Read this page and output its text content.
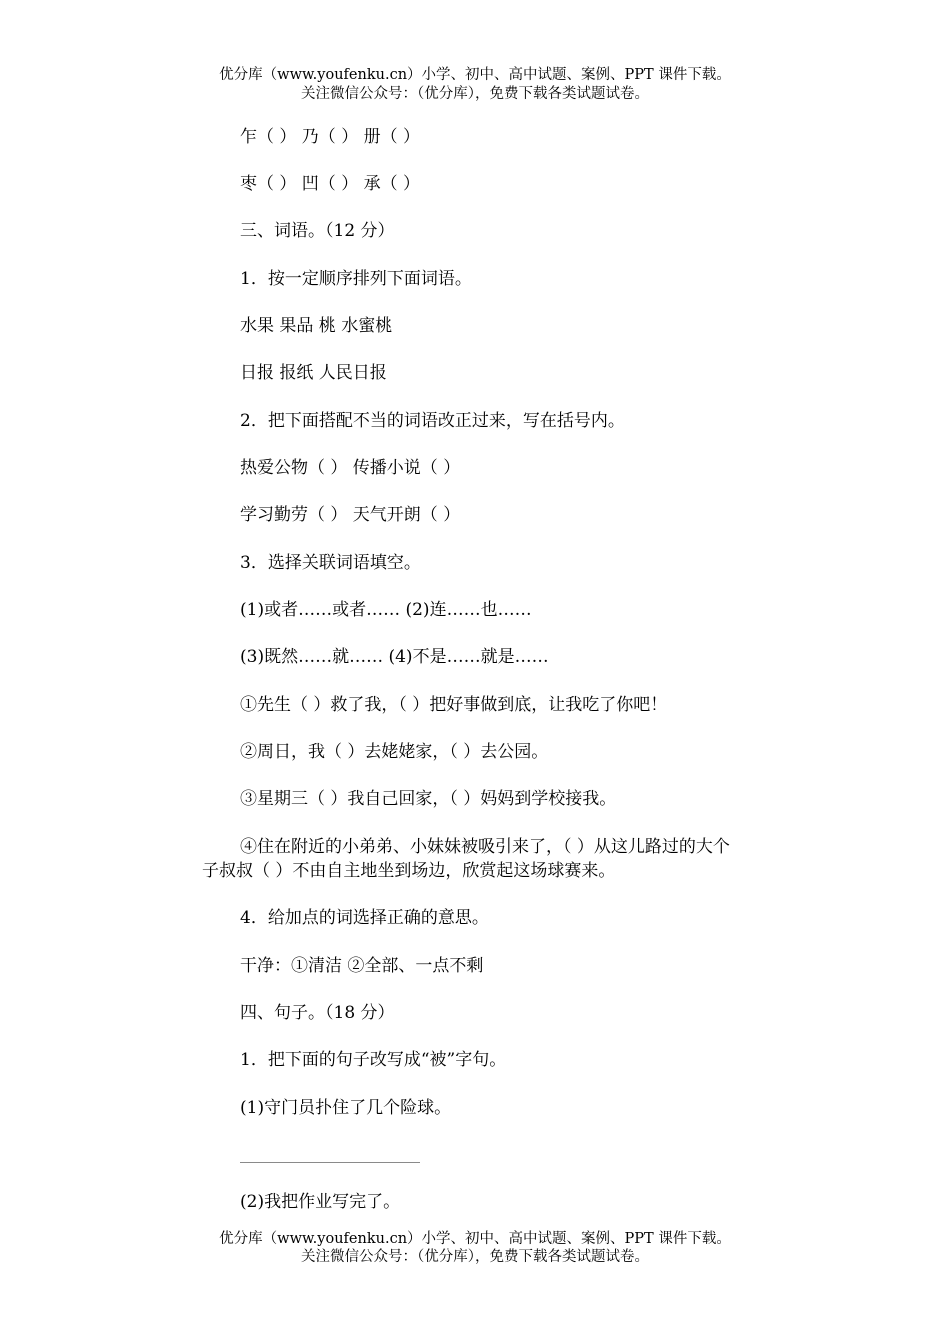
优分库（www.youfenku.cn）小学、初中、高中试题、案例、PPT 课件下载。
关注微信公众号：（优分库），免费下载各类试题试卷。
乍（ ） 乃（ ） 册（ ）
枣（ ） 凹（ ） 承（ ）
三、词语。（12 分）
1．按一定顺序排列下面词语。
水果 果品 桃 水蜜桃
日报 报纸 人民日报
2．把下面搭配不当的词语改正过来，写在括号内。
热爱公物（ ） 传播小说（ ）
学习勤劳（ ） 天气开朗（ ）
3．选择关联词语填空。
(1)或者……或者…… (2)连……也……
(3)既然……就…… (4)不是……就是……
①先生（ ）救了我，（ ）把好事做到底，让我吃了你吧！
②周日，我（ ）去姥姥家，（ ）去公园。
③星期三（ ）我自己回家，（ ）妈妈到学校接我。
④住在附近的小弟弟、小妹妹被吸引来了，（ ）从这儿路过的大个
子叔叔（ ）不由自主地坐到场边，欣赏起这场球赛来。
4．给加点的词选择正确的意思。
干净：①清洁 ②全部、一点不剩
四、句子。（18 分）
1．把下面的句子改写成“被”字句。
(1)守门员扑住了几个险球。
(2)我把作业写完了。
优分库（www.youfenku.cn）小学、初中、高中试题、案例、PPT 课件下载。
关注微信公众号：（优分库），免费下载各类试题试卷。
